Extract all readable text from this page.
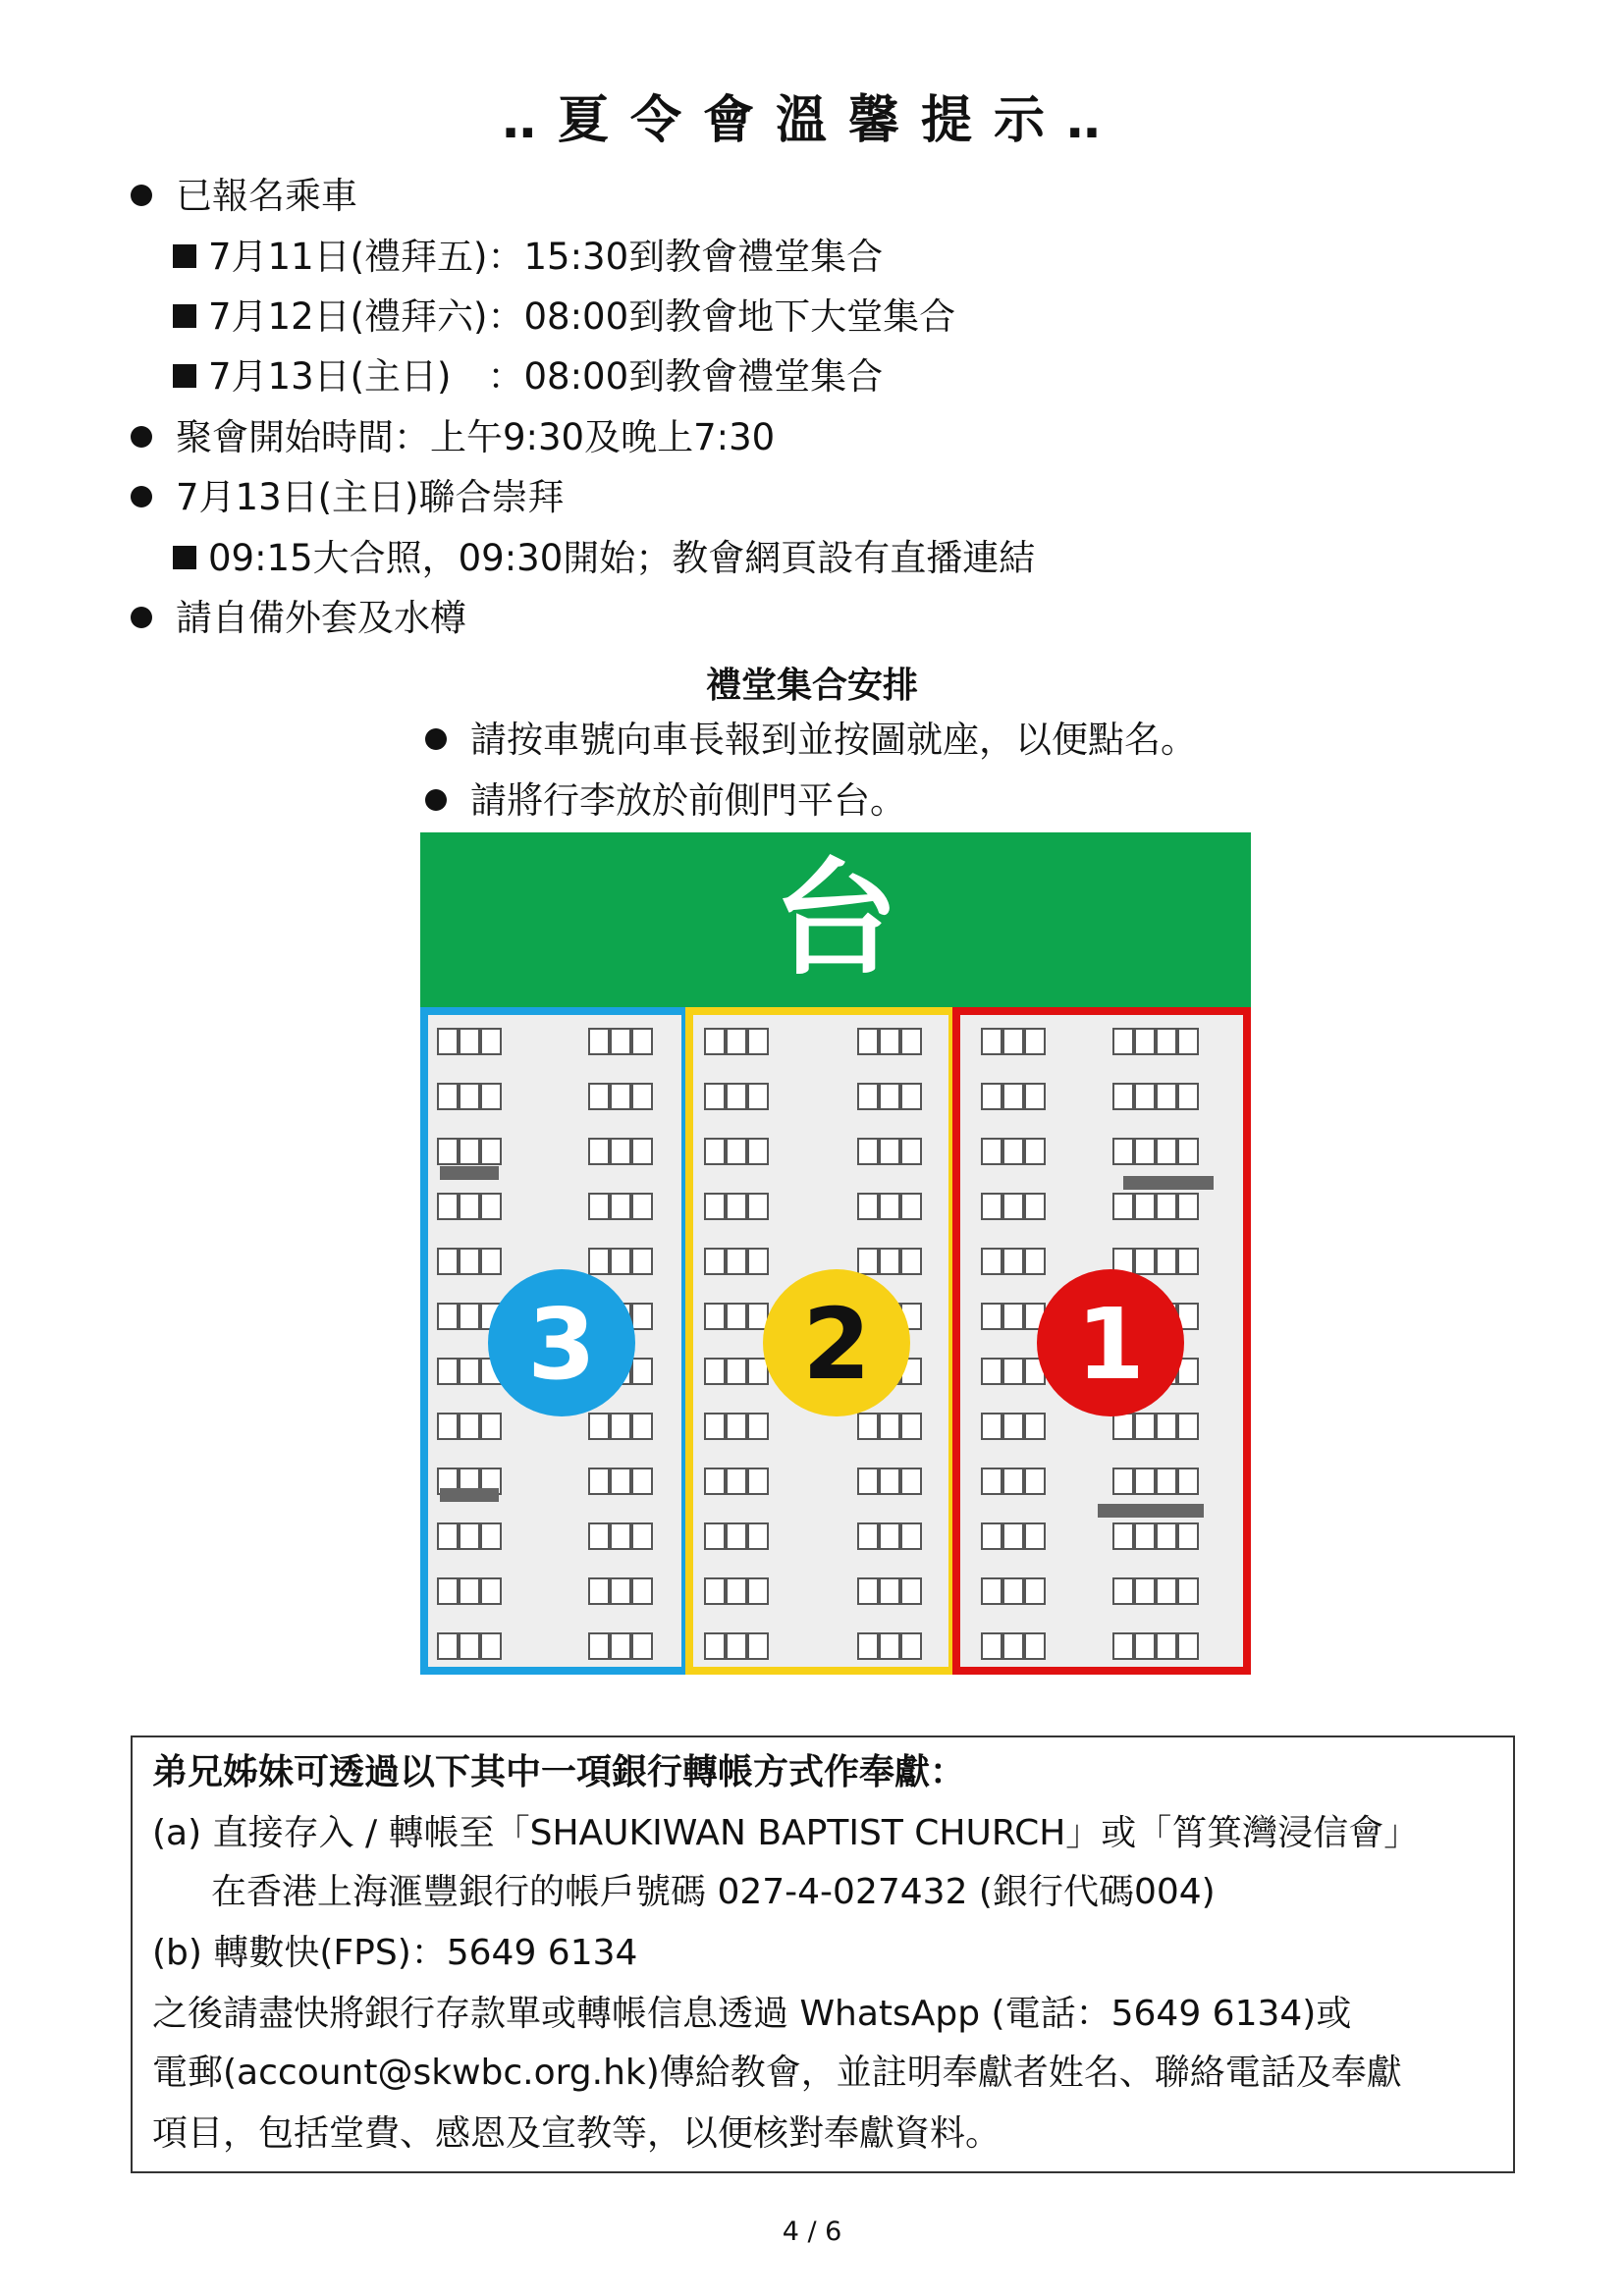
‥夏令會溫馨提示‥
已報名乘車
7月11日(禮拜五)：15:30到教會禮堂集合
7月12日(禮拜六)：08:00到教會地下大堂集合
7月13日(主日)　：08:00到教會禮堂集合
聚會開始時間：上午9:30及晚上7:30
7月13日(主日)聯合崇拜
09:15大合照，09:30開始；教會網頁設有直播連結
請自備外套及水樽
禮堂集合安排
請按車號向車長報到並按圖就座，以便點名。
請將行李放於前側門平台。
台
3 2 1
弟兄姊妹可透過以下其中一項銀行轉帳方式作奉獻：
(a) 直接存入 / 轉帳至「SHAUKIWAN BAPTIST CHURCH」或「筲箕灣浸信會」
在香港上海滙豐銀行的帳戶號碼 027-4-027432 (銀行代碼004)
(b) 轉數快(FPS)：5649 6134
之後請盡快將銀行存款單或轉帳信息透過 WhatsApp (電話：5649 6134)或
電郵(account@skwbc.org.hk)傳給教會，並註明奉獻者姓名、聯絡電話及奉獻
項目，包括堂費、感恩及宣教等，以便核對奉獻資料。
4 / 6
